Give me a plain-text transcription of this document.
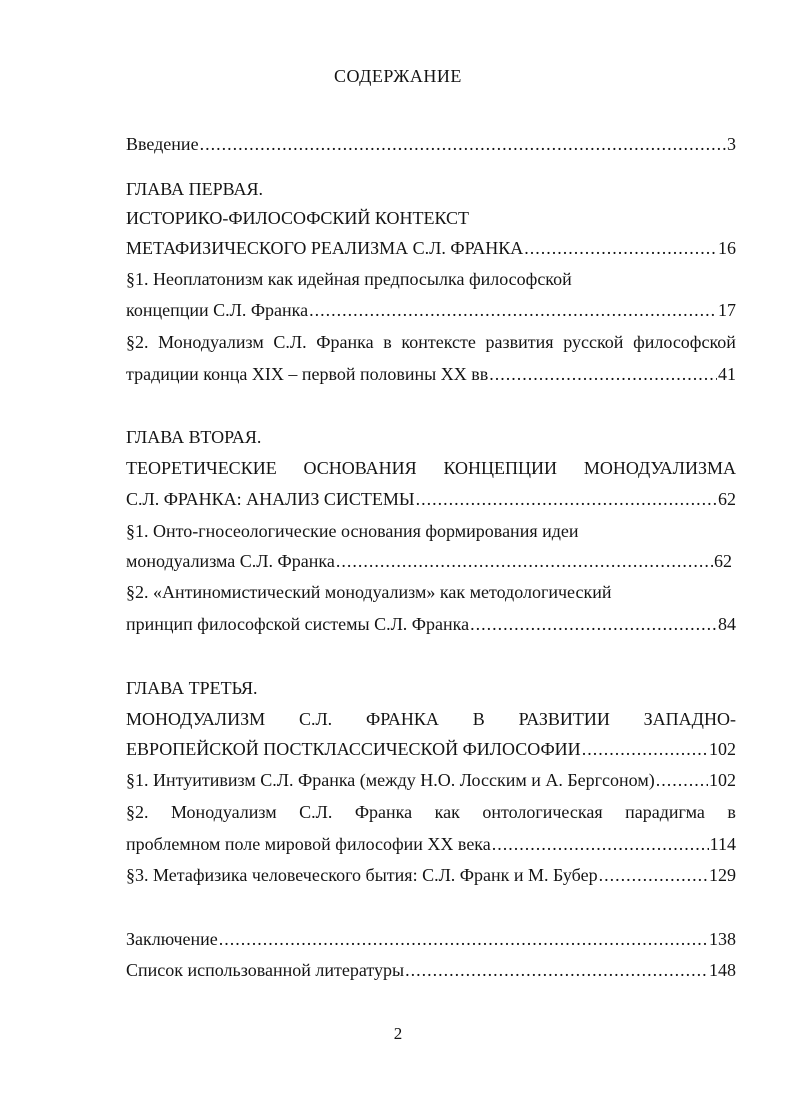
СОДЕРЖАНИЕ
Введение .....	3
ГЛАВА ПЕРВАЯ.
ИСТОРИКО-ФИЛОСОФСКИЙ КОНТЕКСТ
МЕТАФИЗИЧЕСКОГО РЕАЛИЗМА С.Л. ФРАНКА .....	16
§1. Неоплатонизм как идейная предпосылка философской
концепции С.Л. Франка .....	17
§2. Монодуализм С.Л. Франка в контексте развития русской философской
традиции конца XIX – первой половины XX вв .....	41
ГЛАВА ВТОРАЯ.
ТЕОРЕТИЧЕСКИЕ ОСНОВАНИЯ КОНЦЕПЦИИ МОНОДУАЛИЗМА
С.Л. ФРАНКА: АНАЛИЗ СИСТЕМЫ .....	62
§1. Онто-гносеологические основания формирования идеи
монодуализма С.Л. Франка .....	62
§2. «Антиномистический монодуализм» как методологический
принцип философской системы С.Л. Франка .....	84
ГЛАВА ТРЕТЬЯ.
МОНОДУАЛИЗМ С.Л. ФРАНКА В РАЗВИТИИ ЗАПАДНО-
ЕВРОПЕЙСКОЙ ПОСТКЛАССИЧЕСКОЙ ФИЛОСОФИИ .....	102
§1. Интуитивизм С.Л. Франка (между Н.О. Лосским и А. Бергсоном) .....	102
§2. Монодуализм С.Л. Франка как онтологическая парадигма в
проблемном поле мировой философии XX века .....	114
§3. Метафизика человеческого бытия: С.Л. Франк и М. Бубер .....	129
Заключение .....	138
Список использованной литературы .....	148
2
